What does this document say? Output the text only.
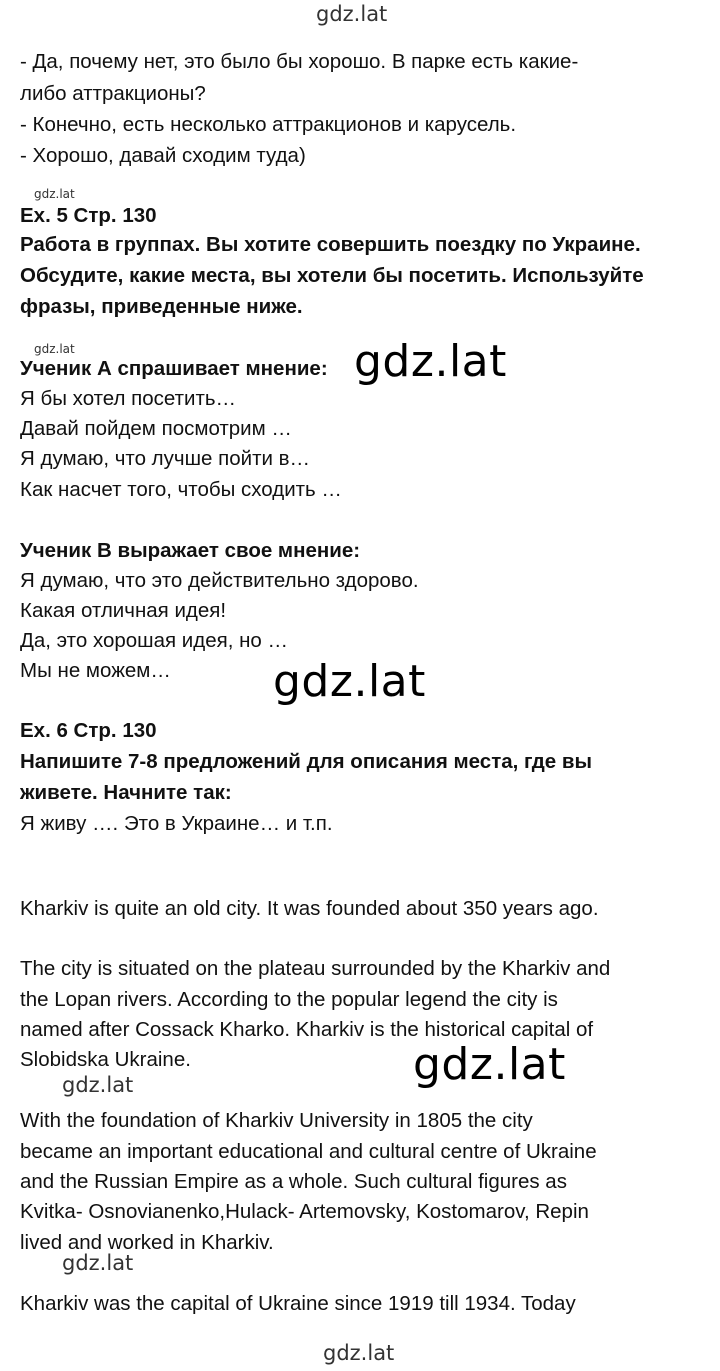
gdz.lat
- Да, почему нет, это было бы хорошо. В парке есть какие-
либо аттракционы?
- Конечно, есть несколько аттракционов и карусель.
- Хорошо, давай сходим туда)
gdz.lat
Ex. 5 Стр. 130
Работа в группах. Вы хотите совершить поездку по Украине.
Обсудите, какие места, вы хотели бы посетить. Используйте
фразы, приведенные ниже.
gdz.lat
Ученик А спрашивает мнение: gdz.lat
Я бы хотел посетить…
Давай пойдем посмотрим …
Я думаю, что лучше пойти в…
Как насчет того, чтобы сходить …
Ученик В выражает свое мнение:
Я думаю, что это действительно здорово.
Какая отличная идея!
Да, это хорошая идея, но …
Мы не можем… gdz.lat
Ex. 6 Стр. 130
Напишите 7-8 предложений для описания места, где вы
живете. Начните так:
Я живу …. Это в Украине… и т.п.
Kharkiv is quite an old city. It was founded about 350 years ago.
The city is situated on the plateau surrounded by the Kharkiv and
the Lopan rivers. According to the popular legend the city is
named after Cossack Kharko. Kharkiv is the historical capital of
Slobidska Ukraine.	gdz.lat
gdz.lat
With the foundation of Kharkiv University in 1805 the city
became an important educational and cultural centre of Ukraine
and the Russian Empire as a whole. Such cultural figures as
Kvitka- Osnovianenko,Hulack- Artemovsky, Kostomarov, Repin
lived and worked in Kharkiv.
gdz.lat
Kharkiv was the capital of Ukraine since 1919 till 1934. Today
gdz.lat
